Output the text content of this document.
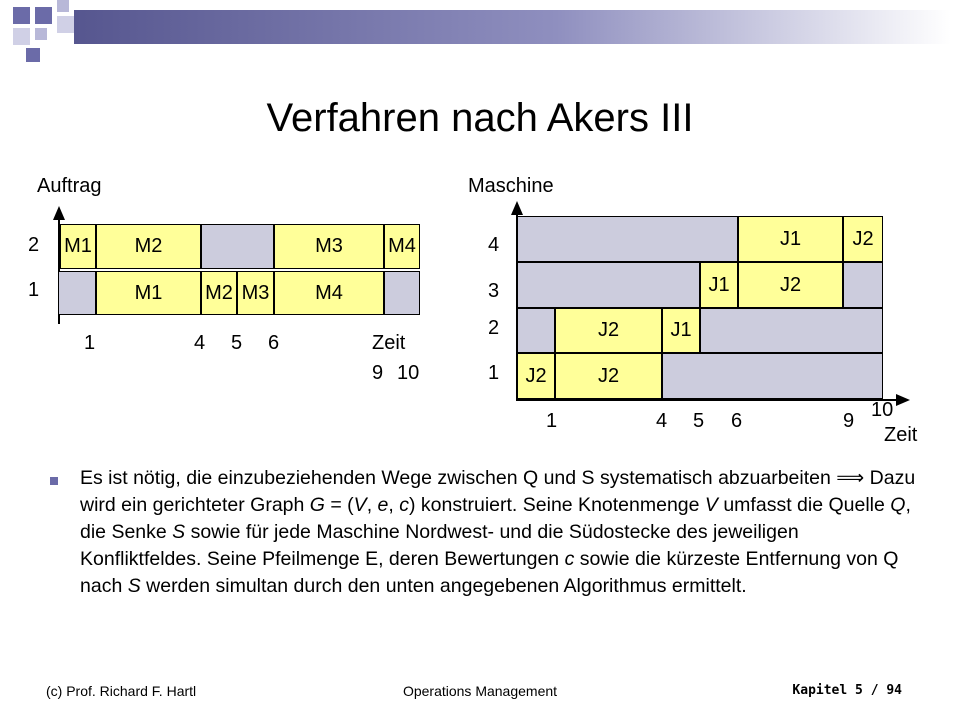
Verfahren nach Akers III
Auftrag
2
1
M1	M2	M3	M4
M1	M2 M3	M4
1	4 5 6	Zeit
9 10
Maschine
4
3
2
1
J1	J2
J1	J2
J2	J1
J2	J2
1	4 5 6	9 10
Zeit
Es ist nötig, die einzubeziehenden Wege zwischen Q und S systematisch abzuarbeiten ⟹ Dazu wird ein gerichteter Graph G = (V, e, c) konstruiert. Seine Knotenmenge V umfasst die Quelle Q, die Senke S sowie für jede Maschine Nordwest- und die Südostecke des jeweiligen Konfliktfeldes. Seine Pfeilmenge E, deren Bewertungen c sowie die kürzeste Entfernung von Q nach S werden simultan durch den unten angegebenen Algorithmus ermittelt.
(c) Prof. Richard F. Hartl	Operations Management	Kapitel 5 / 94
